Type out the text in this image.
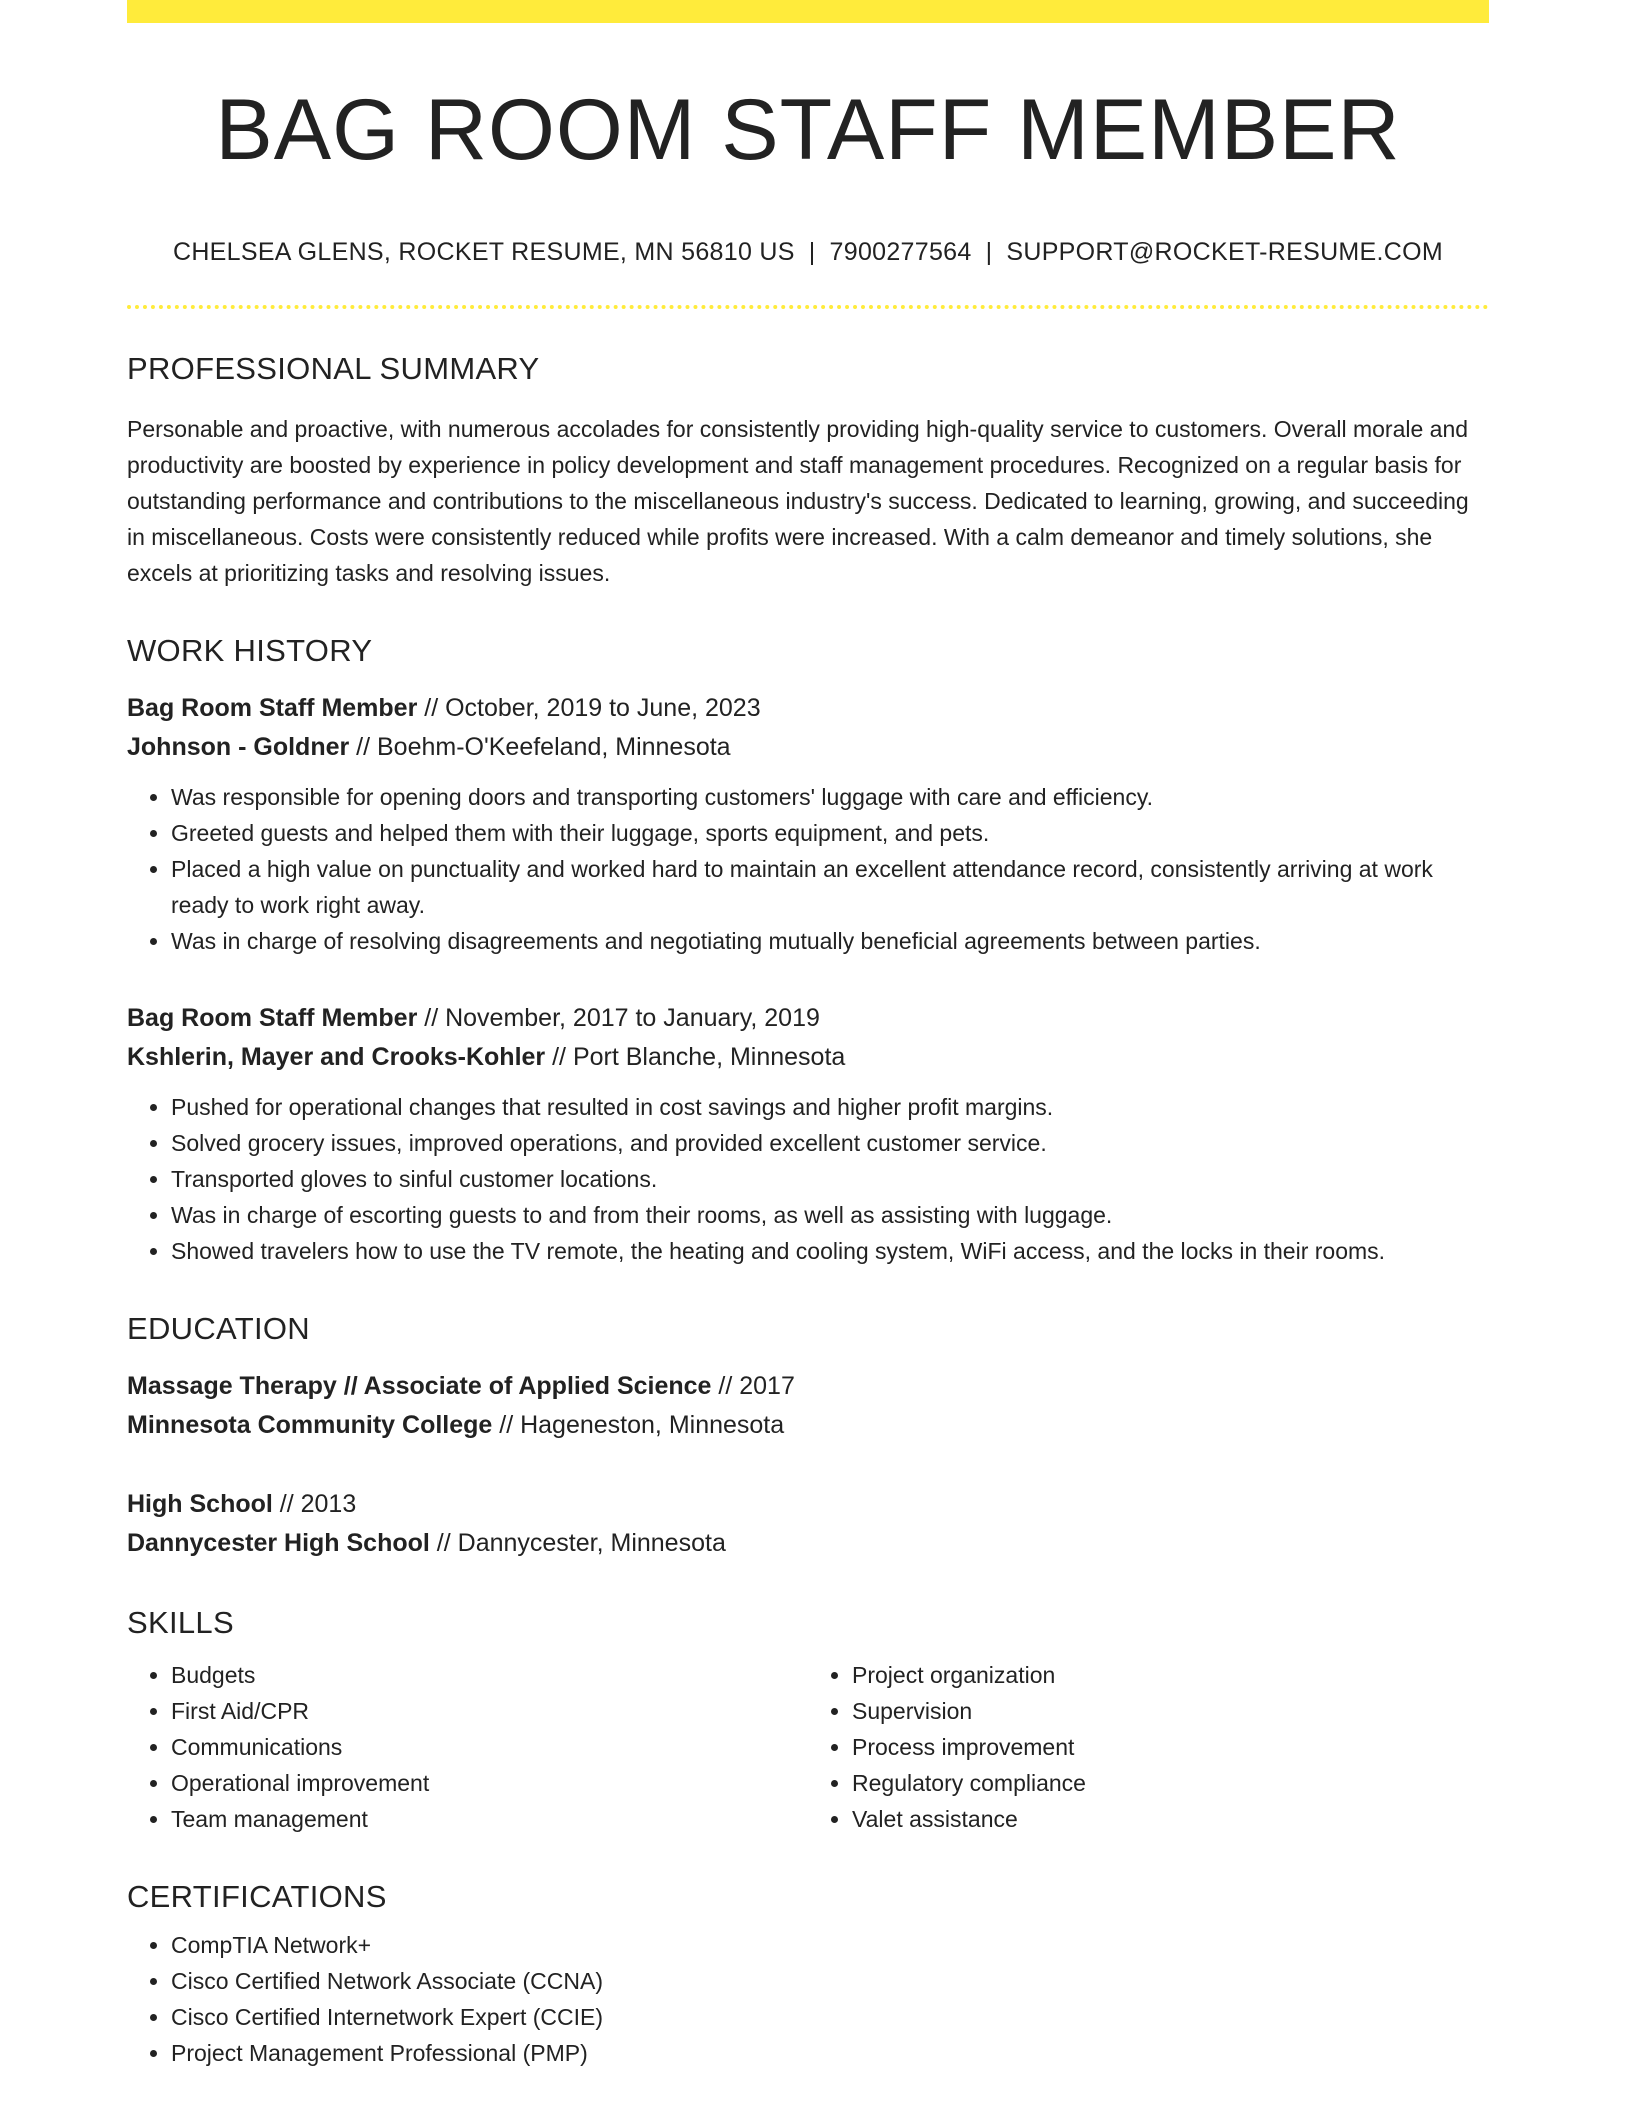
BAG ROOM STAFF MEMBER
CHELSEA GLENS, ROCKET RESUME, MN 56810 US | 7900277564 | SUPPORT@ROCKET-RESUME.COM
PROFESSIONAL SUMMARY

Personable and proactive, with numerous accolades for consistently providing high-quality service to customers. Overall morale and productivity are boosted by experience in policy development and staff management procedures. Recognized on a regular basis for outstanding performance and contributions to the miscellaneous industry's success. Dedicated to learning, growing, and succeeding in miscellaneous. Costs were consistently reduced while profits were increased. With a calm demeanor and timely solutions, she excels at prioritizing tasks and resolving issues.

WORK HISTORY
Bag Room Staff Member // October, 2019 to June, 2023
Johnson - Goldner // Boehm-O'Keefeland, Minnesota
• Was responsible for opening doors and transporting customers' luggage with care and efficiency.
• Greeted guests and helped them with their luggage, sports equipment, and pets.
• Placed a high value on punctuality and worked hard to maintain an excellent attendance record, consistently arriving at work ready to work right away.
• Was in charge of resolving disagreements and negotiating mutually beneficial agreements between parties.
Bag Room Staff Member // November, 2017 to January, 2019
Kshlerin, Mayer and Crooks-Kohler // Port Blanche, Minnesota
• Pushed for operational changes that resulted in cost savings and higher profit margins.
• Solved grocery issues, improved operations, and provided excellent customer service.
• Transported gloves to sinful customer locations.
• Was in charge of escorting guests to and from their rooms, as well as assisting with luggage.
• Showed travelers how to use the TV remote, the heating and cooling system, WiFi access, and the locks in their rooms.
EDUCATION
Massage Therapy // Associate of Applied Science // 2017
Minnesota Community College // Hageneston, Minnesota
High School // 2013
Dannycester High School // Dannycester, Minnesota
SKILLS
• Budgets
• First Aid/CPR
• Communications
• Operational improvement
• Team management
• Project organization
• Supervision
• Process improvement
• Regulatory compliance
• Valet assistance
CERTIFICATIONS
• CompTIA Network+
• Cisco Certified Network Associate (CCNA)
• Cisco Certified Internetwork Expert (CCIE)
• Project Management Professional (PMP)
